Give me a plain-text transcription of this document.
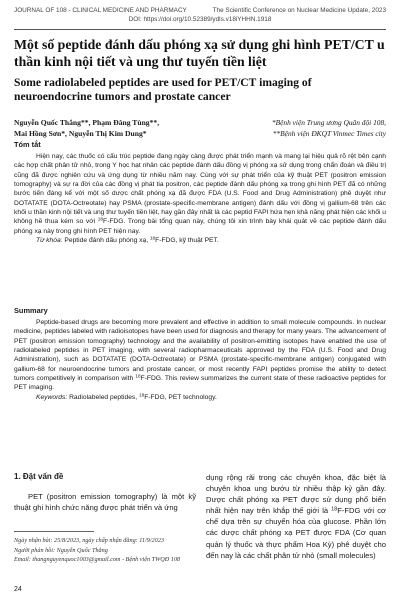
JOURNAL OF 108 - CLINICAL MEDICINE AND PHARMACY	The Scientific Conference on Nuclear Medicine Update, 2023
DOI: https://doi.org/10.52389/ydls.v18iYHHN.1918
Một số peptide đánh dấu phóng xạ sử dụng ghi hình PET/CT u thần kinh nội tiết và ung thư tuyến tiền liệt
Some radiolabeled peptides are used for PET/CT imaging of neuroendocrine tumors and prostate cancer
Nguyễn Quốc Thắng**, Phạm Đăng Tùng**,
Mai Hồng Sơn*, Nguyễn Thị Kim Dung*
*Bệnh viện Trung ương Quân đội 108,
**Bệnh viện ĐKQT Vinmec Times city
Tóm tắt

Hiện nay, các thuốc có cấu trúc peptide đang ngày càng được phát triển mạnh và mang lại hiệu quả rõ rệt bên cạnh các hợp chất phân tử nhỏ, trong Y học hạt nhân các peptide đánh dấu đồng vị phóng xạ sử dụng trong chẩn đoán và điều trị cũng đã được nghiên cứu và ứng dụng từ nhiều năm nay. Cùng với sự phát triển của kỹ thuật PET (positron emission tomography) và sự ra đời của các đồng vị phát tia positron, các peptide đánh dấu phóng xạ trong ghi hình PET đã có những bước tiến đáng kể với một số dược chất phóng xạ đã được FDA (U.S. Food and Drug Administration) phê duyệt như DOTATATE (DOTA-Octreotate) hay PSMA (prostate-specific-membrane antigen) đánh dấu với đồng vị gallium-68 trên các khối u thần kinh nội tiết và ung thư tuyến tiền liệt, hay gần đây nhất là các peptid FAPI hứa hẹn khả năng phát hiện các khối u không hề thua kém so với $^{18}$F-FDG. Trong bài tổng quan này, chúng tôi xin trình bày khái quát về các peptide đánh dấu phóng xạ này trong ghi hình PET hiện nay.

Từ khóa: Peptide đánh dấu phóng xạ, $^{18}$F-FDG, kỹ thuật PET.

Summary

Peptide-based drugs are becoming more prevalent and effective in addition to small molecule compounds. In nuclear medicine, peptides labeled with radioisotopes have been used for diagnosis and therapy for many years. The advancement of PET (positron emission tomography) technology and the availability of positron-emitting isotopes have enabled the use of radiolabeled peptides in PET imaging, with several radiopharmaceuticals approved by the FDA (U.S. Food and Drug Administration), such as DOTATATE (DOTA-Octreotate) or PSMA (prostate-specific-membrane antigen) conjugated with gallium-68 for neuroendocrine tumors and prostate cancer, or most recently FAPI peptides promise the ability to detect tumors competitively in comparison with $^{18}$F-FDG. This review summarizes the current state of these radioactive peptides for PET imaging.

Keywords: Radiolabeled peptides, $^{18}$F-FDG, PET technology.

1. Đặt vấn đề

PET (positron emission tomography) là một kỹ thuật ghi hình chức năng được phát triển và ứng

dụng rộng rãi trong các chuyên khoa, đặc biệt là chuyên khoa ung bướu từ nhiều thập kỷ gần đây. Dược chất phóng xạ PET được sử dụng phổ biến nhất hiện nay trên khắp thế giới là $^{18}$F-FDG với cơ chế dựa trên sự chuyển hóa của glucose. Phần lớn các dược chất phóng xạ PET được FDA (Cơ quan quản lý thuốc và thực phẩm Hoa Kỳ) phê duyệt cho đến nay là các chất phân tử nhỏ (small molecules)

Ngày nhận bài: 25/8/2023, ngày chấp nhận đăng: 11/9/2023
Người phản hồi: Nguyễn Quốc Thắng
Email: thangnguyenquoc1003@gmail.com - Bệnh viện TWQĐ 108
24
